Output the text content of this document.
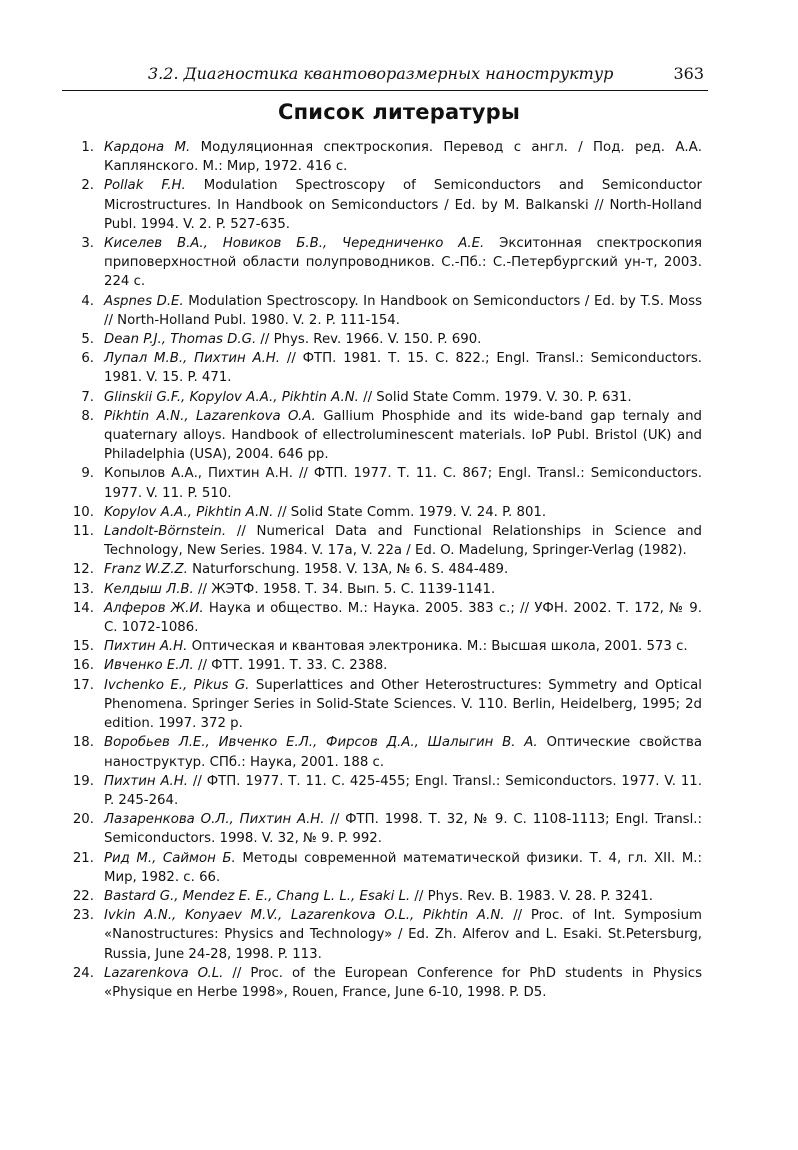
3.2. Диагностика квантоворазмерных наноструктур	363
Список литературы
1. Кардона М. Модуляционная спектроскопия. Перевод с англ. / Под. ред. А.А. Каплянского. М.: Мир, 1972. 416 с.
2. Pollak F.H. Modulation Spectroscopy of Semiconductors and Semiconductor Microstructures. In Handbook on Semiconductors / Ed. by M. Balkanski // North-Holland Publ. 1994. V. 2. P. 527-635.
3. Киселев В.А., Новиков Б.В., Чередниченко А.Е. Экситонная спектроскопия приповерхностной области полупроводников. С.-Пб.: С.-Петербургский ун-т, 2003. 224 с.
4. Aspnes D.E. Modulation Spectroscopy. In Handbook on Semiconductors / Ed. by T.S. Moss // North-Holland Publ. 1980. V. 2. P. 111-154.
5. Dean P.J., Thomas D.G. // Phys. Rev. 1966. V. 150. P. 690.
6. Лупал М.В., Пихтин А.Н. // ФТП. 1981. Т. 15. С. 822.; Engl. Transl.: Semiconductors. 1981. V. 15. P. 471.
7. Glinskii G.F., Kopylov A.A., Pikhtin A.N. // Solid State Comm. 1979. V. 30. P. 631.
8. Pikhtin A.N., Lazarenkova O.A. Gallium Phosphide and its wide-band gap ternaly and quaternary alloys. Handbook of ellectroluminescent materials. IoP Publ. Bristol (UK) and Philadelphia (USA), 2004. 646 pp.
9. Копылов А.А., Пихтин А.Н. // ФТП. 1977. Т. 11. С. 867; Engl. Transl.: Semiconductors. 1977. V. 11. P. 510.
10. Kopylov A.A., Pikhtin A.N. // Solid State Comm. 1979. V. 24. P. 801.
11. Landolt-Börnstein. // Numerical Data and Functional Relationships in Science and Technology, New Series. 1984. V. 17a, V. 22a / Ed. O. Madelung, Springer-Verlag (1982).
12. Franz W.Z.Z. Naturforschung. 1958. V. 13A, № 6. S. 484-489.
13. Келдыш Л.В. // ЖЭТФ. 1958. Т. 34. Вып. 5. С. 1139-1141.
14. Алферов Ж.И. Наука и общество. М.: Наука. 2005. 383 с.; // УФН. 2002. Т. 172, № 9. С. 1072-1086.
15. Пихтин А.Н. Оптическая и квантовая электроника. М.: Высшая школа, 2001. 573 с.
16. Ивченко Е.Л. // ФТТ. 1991. Т. 33. С. 2388.
17. Ivchenko E., Pikus G. Superlattices and Other Heterostructures: Symmetry and Optical Phenomena. Springer Series in Solid-State Sciences. V. 110. Berlin, Heidelberg, 1995; 2d edition. 1997. 372 p.
18. Воробьев Л.Е., Ивченко Е.Л., Фирсов Д.А., Шалыгин В. А. Оптические свойства наноструктур. СПб.: Наука, 2001. 188 с.
19. Пихтин А.Н. // ФТП. 1977. Т. 11. С. 425-455; Engl. Transl.: Semiconductors. 1977. V. 11. P. 245-264.
20. Лазаренкова О.Л., Пихтин А.Н. // ФТП. 1998. Т. 32, № 9. С. 1108-1113; Engl. Transl.: Semiconductors. 1998. V. 32, № 9. P. 992.
21. Рид М., Саймон Б. Методы современной математической физики. Т. 4, гл. XII. М.: Мир, 1982. с. 66.
22. Bastard G., Mendez E. E., Chang L. L., Esaki L. // Phys. Rev. B. 1983. V. 28. P. 3241.
23. Ivkin A.N., Konyaev M.V., Lazarenkova O.L., Pikhtin A.N. // Proc. of Int. Symposium «Nanostructures: Physics and Technology» / Ed. Zh. Alferov and L. Esaki. St.Petersburg, Russia, June 24-28, 1998. P. 113.
24. Lazarenkova O.L. // Proc. of the European Conference for PhD students in Physics «Physique en Herbe 1998», Rouen, France, June 6-10, 1998. P. D5.
